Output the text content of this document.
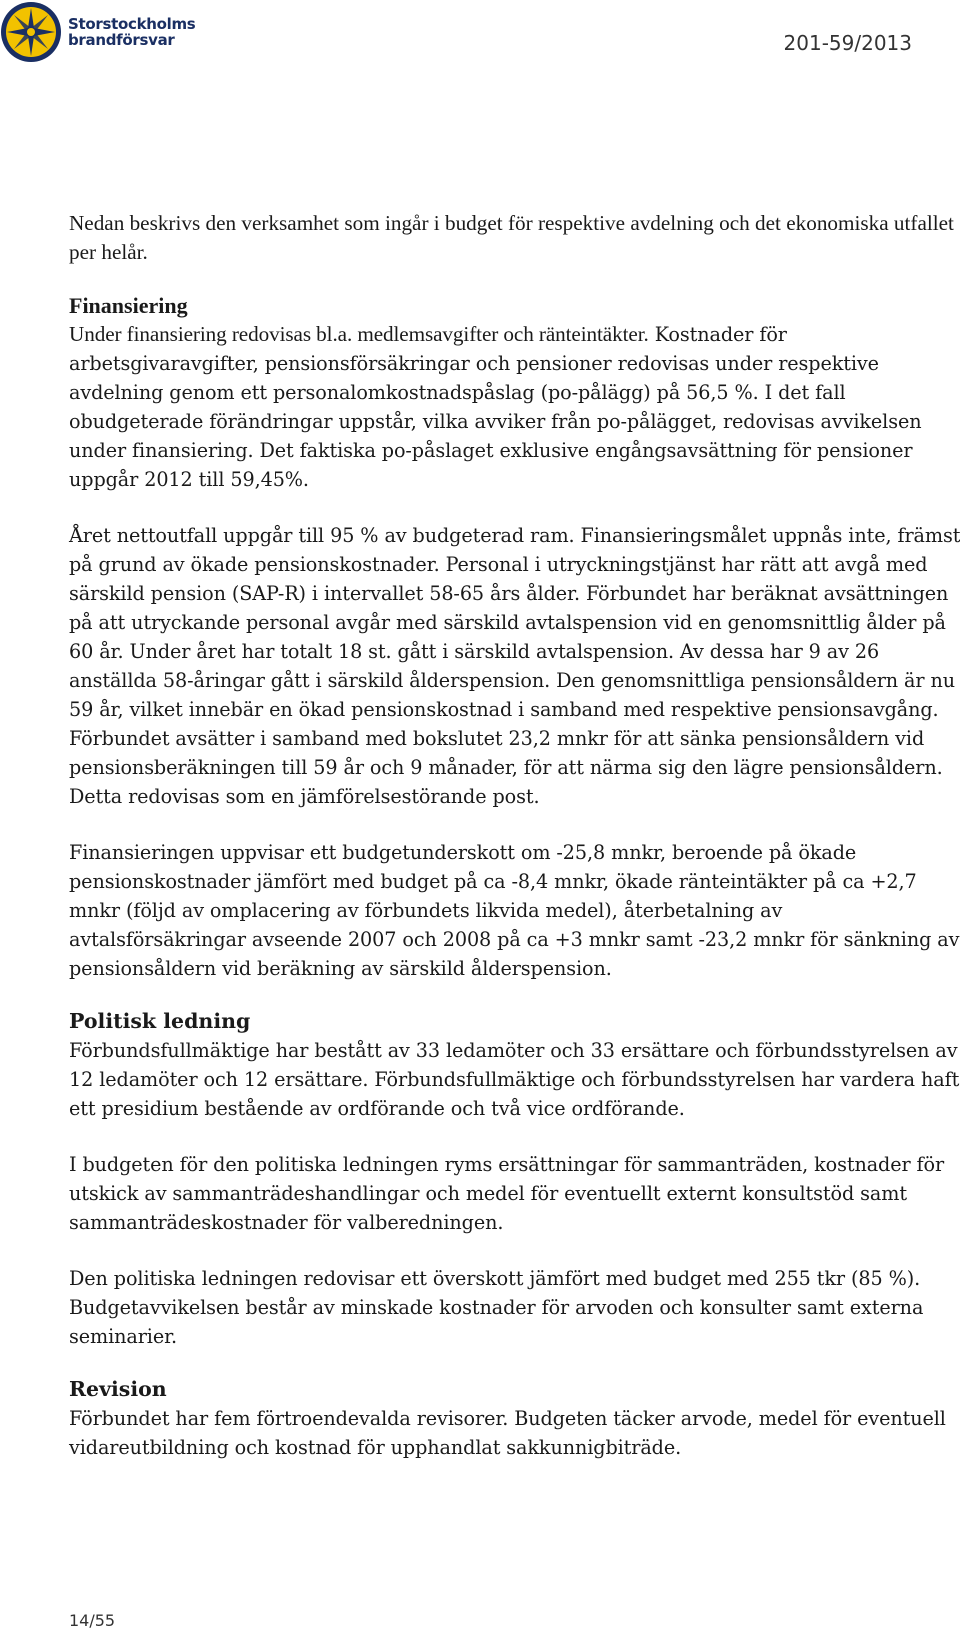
Storstockholms
brandförsvar	201-59/2013

Nedan beskrivs den verksamhet som ingår i budget för respektive avdelning och det ekonomiska utfallet per helår.

Finansiering

Under finansiering redovisas bl.a. medlemsavgifter och ränteintäkter. Kostnader för arbetsgivaravgifter, pensionsförsäkringar och pensioner redovisas under respektive avdelning genom ett personalomkostnadspåslag (po-pålägg) på 56,5 %. I det fall obudgeterade förändringar uppstår, vilka avviker från po-pålägget, redovisas avvikelsen under finansiering. Det faktiska po-påslaget exklusive engångsavsättning för pensioner uppgår 2012 till 59,45%.

Året nettoutfall uppgår till 95 % av budgeterad ram. Finansieringsmålet uppnås inte, främst på grund av ökade pensionskostnader. Personal i utryckningstjänst har rätt att avgå med särskild pension (SAP-R) i intervallet 58-65 års ålder. Förbundet har beräknat avsättningen på att utryckande personal avgår med särskild avtalspension vid en genomsnittlig ålder på 60 år. Under året har totalt 18 st. gått i särskild avtalspension. Av dessa har 9 av 26 anställda 58-åringar gått i särskild ålderspension. Den genomsnittliga pensionsåldern är nu 59 år, vilket innebär en ökad pensionskostnad i samband med respektive pensionsavgång. Förbundet avsätter i samband med bokslutet 23,2 mnkr för att sänka pensionsåldern vid pensionsberäkningen till 59 år och 9 månader, för att närma sig den lägre pensionsåldern. Detta redovisas som en jämförelsestörande post.

Finansieringen uppvisar ett budgetunderskott om -25,8 mnkr, beroende på ökade pensionskostnader jämfört med budget på ca -8,4 mnkr, ökade ränteintäkter på ca +2,7 mnkr (följd av omplacering av förbundets likvida medel), återbetalning av avtalsförsäkringar avseende 2007 och 2008 på ca +3 mnkr samt -23,2 mnkr för sänkning av pensionsåldern vid beräkning av särskild ålderspension.

Politisk ledning

Förbundsfullmäktige har bestått av 33 ledamöter och 33 ersättare och förbundsstyrelsen av 12 ledamöter och 12 ersättare. Förbundsfullmäktige och förbundsstyrelsen har vardera haft ett presidium bestående av ordförande och två vice ordförande.

I budgeten för den politiska ledningen ryms ersättningar för sammanträden, kostnader för utskick av sammanträdeshandlingar och medel för eventuellt externt konsultstöd samt sammanträdeskostnader för valberedningen.

Den politiska ledningen redovisar ett överskott jämfört med budget med 255 tkr (85 %). Budgetavvikelsen består av minskade kostnader för arvoden och konsulter samt externa seminarier.

Revision

Förbundet har fem förtroendevalda revisorer. Budgeten täcker arvode, medel för eventuell vidareutbildning och kostnad för upphandlat sakkunnigbiträde.

14/55
